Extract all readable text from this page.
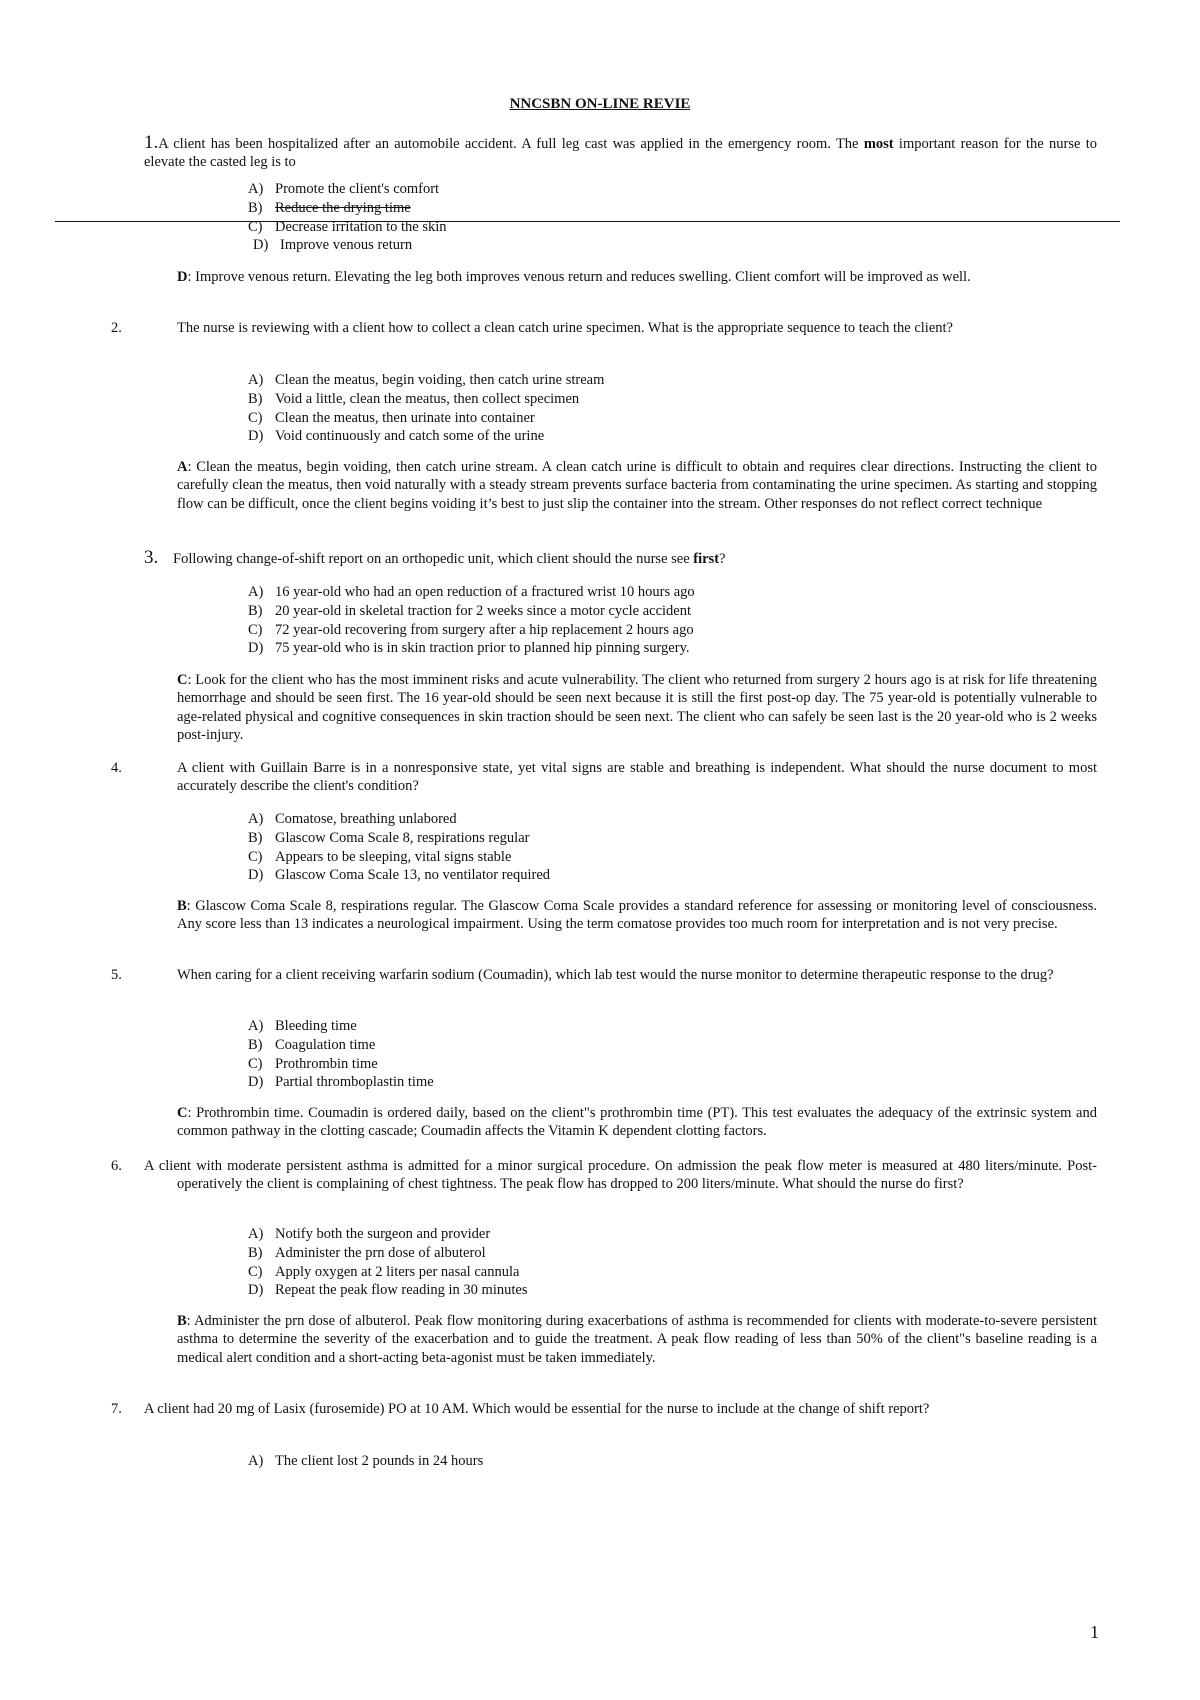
NNCSBN ON-LINE REVIE
1.A client has been hospitalized after an automobile accident. A full leg cast was applied in the emergency room. The most important reason for the nurse to elevate the casted leg is to
A) Promote the client's comfort
B) Reduce the drying time
C) Decrease irritation to the skin
D) Improve venous return
D: Improve venous return. Elevating the leg both improves venous return and reduces swelling. Client comfort will be improved as well.
2.	The nurse is reviewing with a client how to collect a clean catch urine specimen. What is the appropriate sequence to teach the client?
A) Clean the meatus, begin voiding, then catch urine stream
B) Void a little, clean the meatus, then collect specimen
C) Clean the meatus, then urinate into container
D) Void continuously and catch some of the urine
A: Clean the meatus, begin voiding, then catch urine stream. A clean catch urine is difficult to obtain and requires clear directions. Instructing the client to carefully clean the meatus, then void naturally with a steady stream prevents surface bacteria from contaminating the urine specimen. As starting and stopping flow can be difficult, once the client begins voiding it’s best to just slip the container into the stream. Other responses do not reflect correct technique
3. Following change-of-shift report on an orthopedic unit, which client should the nurse see first?
A) 16 year-old who had an open reduction of a fractured wrist 10 hours ago
B) 20 year-old in skeletal traction for 2 weeks since a motor cycle accident
C) 72 year-old recovering from surgery after a hip replacement 2 hours ago
D) 75 year-old who is in skin traction prior to planned hip pinning surgery.
C: Look for the client who has the most imminent risks and acute vulnerability. The client who returned from surgery 2 hours ago is at risk for life threatening hemorrhage and should be seen first. The 16 year-old should be seen next because it is still the first post-op day. The 75 year-old is potentially vulnerable to age-related physical and cognitive consequences in skin traction should be seen next. The client who can safely be seen last is the 20 year-old who is 2 weeks post-injury.
4.	A client with Guillain Barre is in a nonresponsive state, yet vital signs are stable and breathing is independent. What should the nurse document to most accurately describe the client's condition?
A) Comatose, breathing unlabored
B) Glascow Coma Scale 8, respirations regular
C) Appears to be sleeping, vital signs stable
D) Glascow Coma Scale 13, no ventilator required
B: Glascow Coma Scale 8, respirations regular. The Glascow Coma Scale provides a standard reference for assessing or monitoring level of consciousness. Any score less than 13 indicates a neurological impairment. Using the term comatose provides too much room for interpretation and is not very precise.
5.	When caring for a client receiving warfarin sodium (Coumadin), which lab test would the nurse monitor to determine therapeutic response to the drug?
A) Bleeding time
B) Coagulation time
C) Prothrombin time
D) Partial thromboplastin time
C: Prothrombin time. Coumadin is ordered daily, based on the client"s prothrombin time (PT). This test evaluates the adequacy of the extrinsic system and common pathway in the clotting cascade; Coumadin affects the Vitamin K dependent clotting factors.
6. A client with moderate persistent asthma is admitted for a minor surgical procedure. On admission the peak flow meter is measured at 480 liters/minute. Post-operatively the client is complaining of chest tightness. The peak flow has dropped to 200 liters/minute. What should the nurse do first?
A) Notify both the surgeon and provider
B) Administer the prn dose of albuterol
C) Apply oxygen at 2 liters per nasal cannula
D) Repeat the peak flow reading in 30 minutes
B: Administer the prn dose of albuterol. Peak flow monitoring during exacerbations of asthma is recommended for clients with moderate-to-severe persistent asthma to determine the severity of the exacerbation and to guide the treatment. A peak flow reading of less than 50% of the client"s baseline reading is a medical alert condition and a short-acting beta-agonist must be taken immediately.
7. A client had 20 mg of Lasix (furosemide) PO at 10 AM. Which would be essential for the nurse to include at the change of shift report?
A) The client lost 2 pounds in 24 hours
1
